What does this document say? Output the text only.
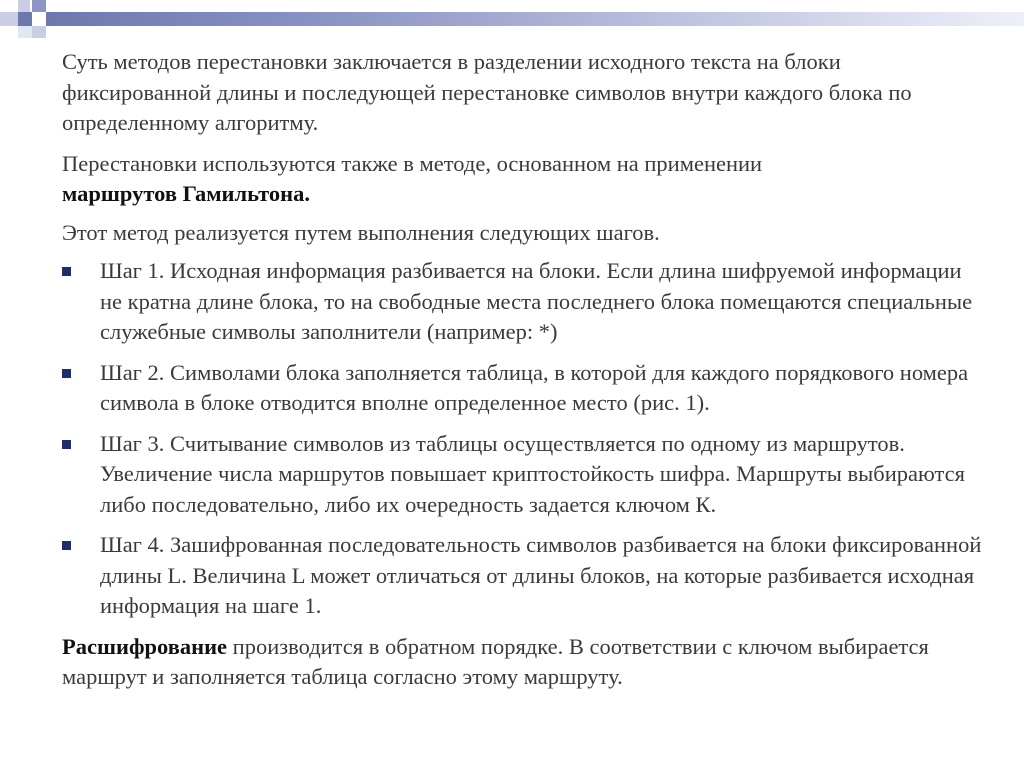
Суть методов перестановки заключается в разделении исходного текста на блоки фиксированной длины и последующей перестановке символов внутри каждого блока по определенному алгоритму.

Перестановки используются также в методе, основанном на применении
маршрутов Гамильтона.

Этот метод реализуется путем выполнения следующих шагов.

Шаг 1. Исходная информация разбивается на блоки. Если длина шифруемой информации не кратна длине блока, то на свободные места последнего блока помещаются специальные служебные символы заполнители (например: *)
Шаг 2. Символами блока заполняется таблица, в которой для каждого порядкового номера символа в блоке отводится вполне определенное место (рис. 1).
Шаг 3. Считывание символов из таблицы осуществляется по одному из маршрутов. Увеличение числа маршрутов повышает криптостойкость шифра. Маршруты выбираются либо последовательно, либо их очередность задается ключом К.
Шаг 4. Зашифрованная последовательность символов разбивается на блоки фиксированной длины L. Величина L может отличаться от длины блоков, на которые разбивается исходная информация на шаге 1.

Расшифрование производится в обратном порядке. В соответствии с ключом выбирается маршрут и заполняется таблица согласно этому маршруту.
